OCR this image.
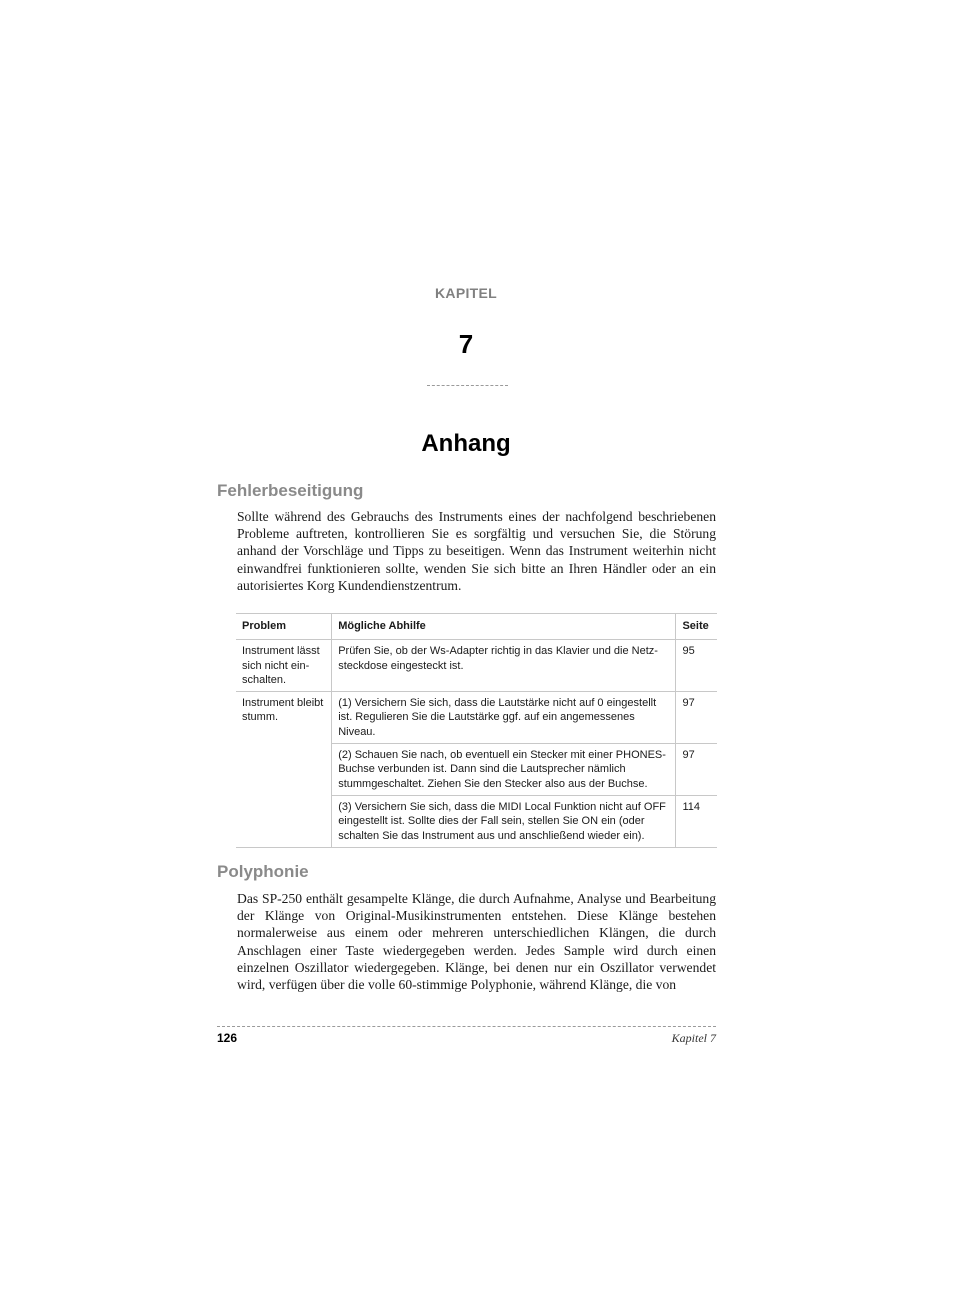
KAPITEL
7
Anhang
Fehlerbeseitigung
Sollte während des Gebrauchs des Instruments eines der nachfolgend beschriebenen Probleme auftreten, kontrollieren Sie es sorgfältig und versuchen Sie, die Störung anhand der Vorschläge und Tipps zu beseitigen. Wenn das Instrument weiterhin nicht einwandfrei funktionieren sollte, wenden Sie sich bitte an Ihren Händler oder an ein autorisiertes Korg Kundendienstzentrum.
Problem	Mögliche Abhilfe	Seite
Instrument lässt sich nicht einschalten.	Prüfen Sie, ob der Ws-Adapter richtig in das Klavier und die Netzsteckdose eingesteckt ist.	95
Instrument bleibt stumm.	(1) Versichern Sie sich, dass die Lautstärke nicht auf 0 eingestellt ist. Regulieren Sie die Lautstärke ggf. auf ein angemessenes Niveau.	97
	(2) Schauen Sie nach, ob eventuell ein Stecker mit einer PHONES-Buchse verbunden ist. Dann sind die Lautsprecher nämlich stummgeschaltet. Ziehen Sie den Stecker also aus der Buchse.	97
	(3) Versichern Sie sich, dass die MIDI Local Funktion nicht auf OFF eingestellt ist. Sollte dies der Fall sein, stellen Sie ON ein (oder schalten Sie das Instrument aus und anschließend wieder ein).	114
Polyphonie
Das SP-250 enthält gesampelte Klänge, die durch Aufnahme, Analyse und Bearbeitung der Klänge von Original-Musikinstrumenten entstehen. Diese Klänge bestehen normalerweise aus einem oder mehreren unterschiedlichen Klängen, die durch Anschlagen einer Taste wiedergegeben werden. Jedes Sample wird durch einen einzelnen Oszillator wiedergegeben. Klänge, bei denen nur ein Oszillator verwendet wird, verfügen über die volle 60-stimmige Polyphonie, während Klänge, die von
126	Kapitel 7
